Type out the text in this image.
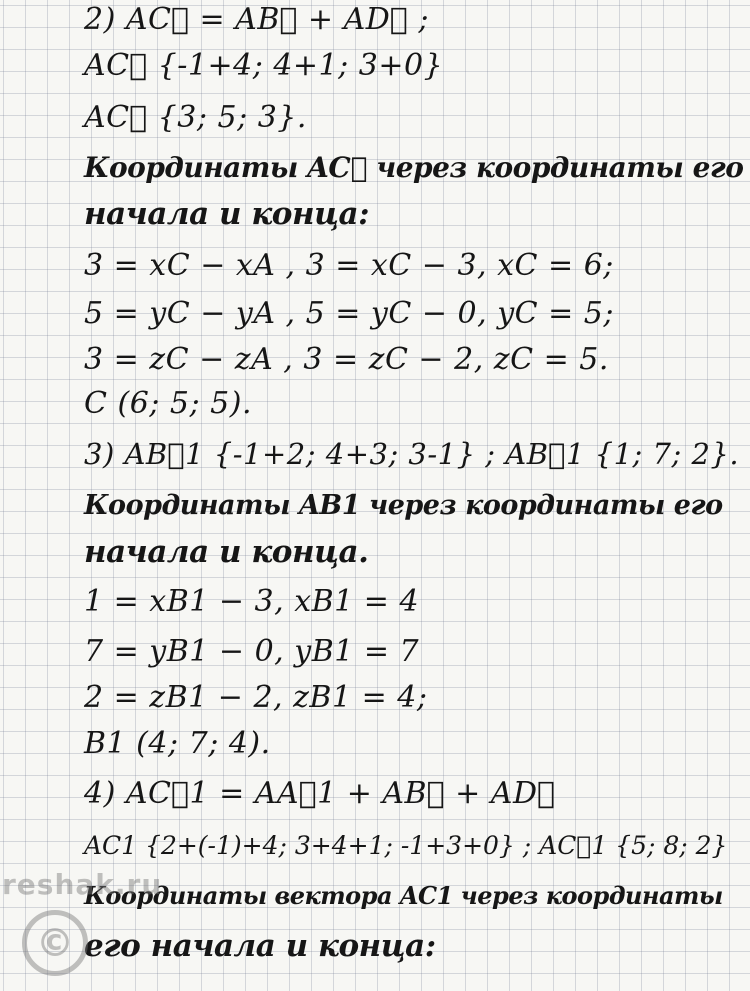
2) AC⃗ = AB⃗ + AD⃗ ;
AC⃗ {-1+4; 4+1; 3+0}
AC⃗ {3; 5; 3}.
Координаты AC⃗ через координаты его
начала и конца:
3 = xC − xA , 3 = xC − 3, xC = 6;
5 = yC − yA , 5 = yC − 0, yC = 5;
3 = zC − zA , 3 = zC − 2, zC = 5.
C (6; 5; 5).
3) AB⃗1 {-1+2; 4+3; 3-1} ; AB⃗1 {1; 7; 2}.
Координаты AB1 через координаты его
начала и конца.
1 = xB1 − 3, xB1 = 4
7 = yB1 − 0, yB1 = 7
2 = zB1 − 2, zB1 = 4;
B1 (4; 7; 4).
4) AC⃗1 = AA⃗1 + AB⃗ + AD⃗
AC1 {2+(-1)+4; 3+4+1; -1+3+0} ; AC⃗1 {5; 8; 2}
Координаты вектора AC1 через координаты
его начала и конца:
reshak.ru
©
